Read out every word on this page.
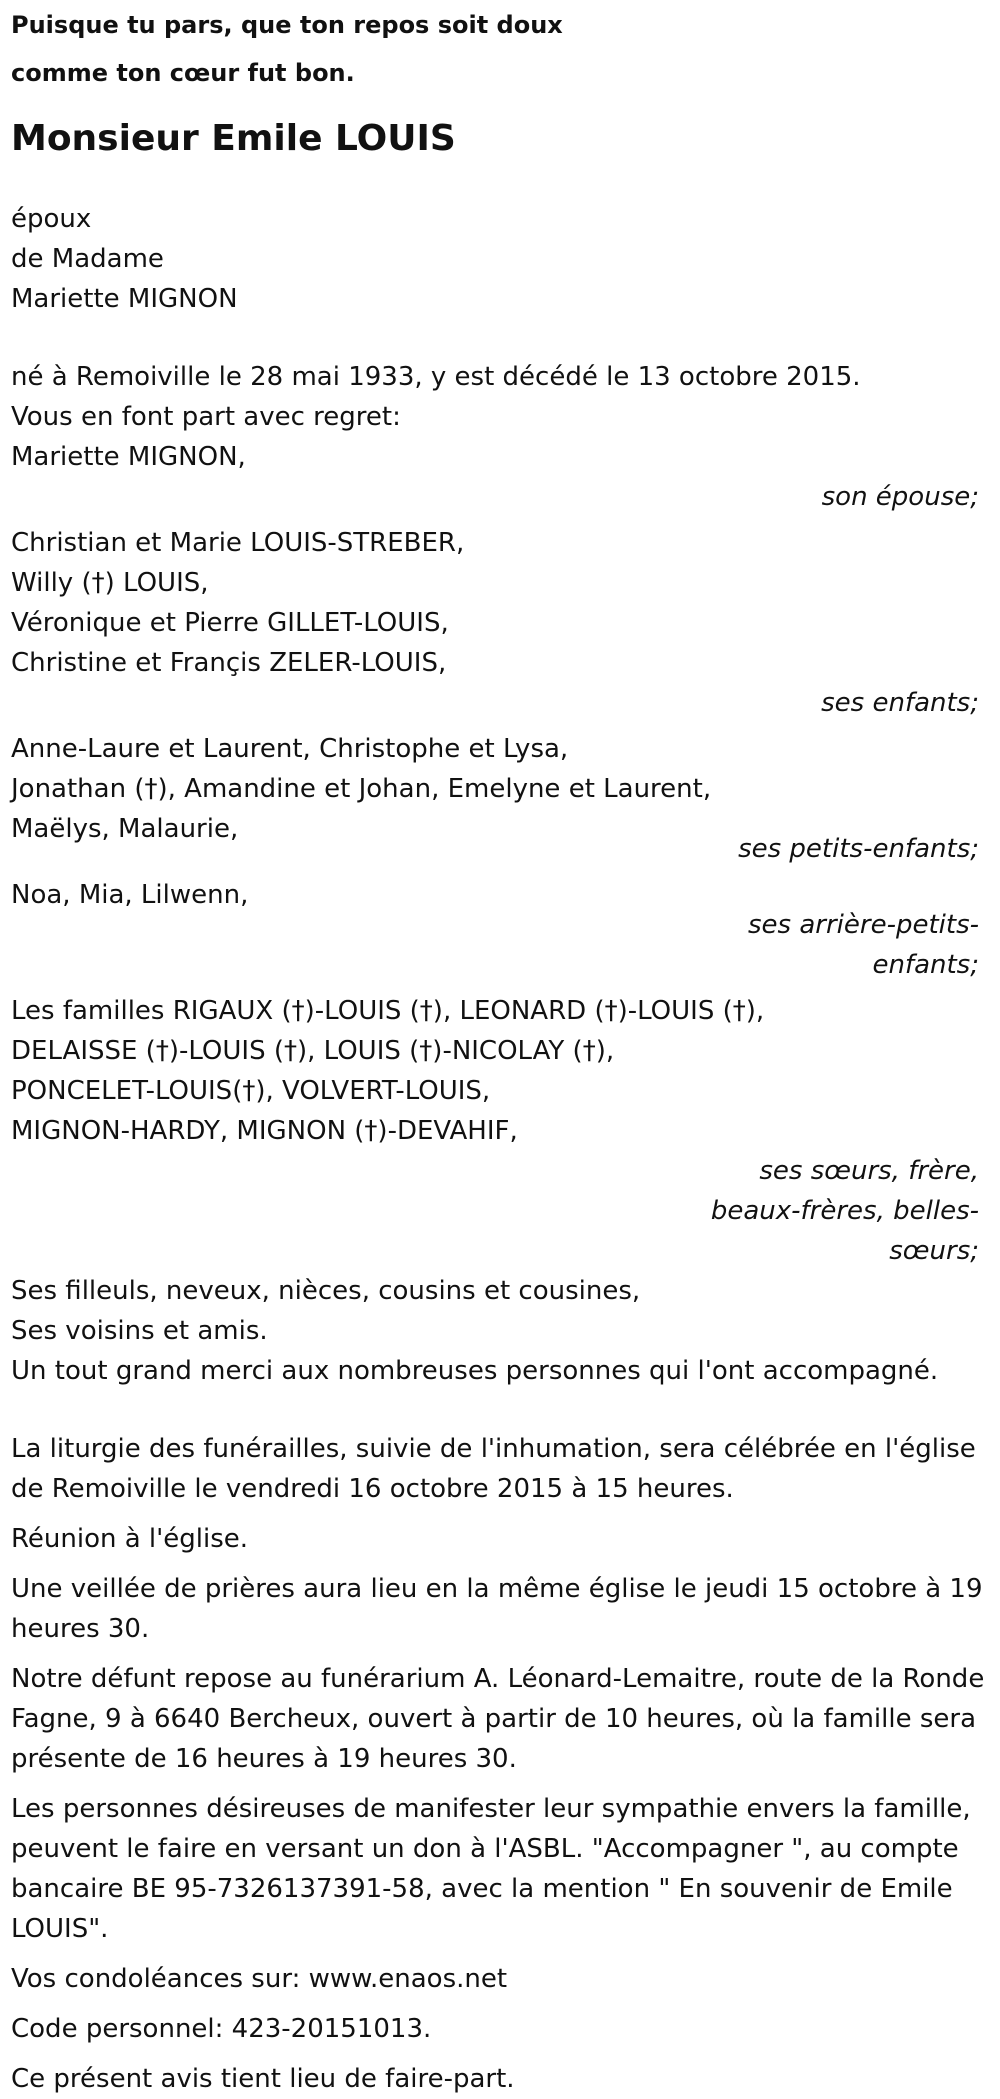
Puisque tu pars, que ton repos soit doux
comme ton cœur fut bon.
Monsieur Emile LOUIS
époux
de Madame
Mariette MIGNON
né à Remoiville le 28 mai 1933, y est décédé le 13 octobre 2015.
Vous en font part avec regret:
Mariette MIGNON,
son épouse;
Christian et Marie LOUIS-STREBER,
Willy (†) LOUIS,
Véronique et Pierre GILLET-LOUIS,
Christine et Françis ZELER-LOUIS,
ses enfants;
Anne-Laure et Laurent, Christophe et Lysa,
Jonathan (†), Amandine et Johan, Emelyne et Laurent,
Maëlys, Malaurie,
ses petits-enfants;
Noa, Mia, Lilwenn,
ses arrière-petits-enfants;
Les familles RIGAUX (†)-LOUIS (†), LEONARD (†)-LOUIS (†),
DELAISSE (†)-LOUIS (†), LOUIS (†)-NICOLAY (†),
PONCELET-LOUIS(†), VOLVERT-LOUIS,
MIGNON-HARDY, MIGNON (†)-DEVAHIF,
ses sœurs, frère, beaux-frères, belles-sœurs;
Ses filleuls, neveux, nièces, cousins et cousines,
Ses voisins et amis.
Un tout grand merci aux nombreuses personnes qui l'ont accompagné.
La liturgie des funérailles, suivie de l'inhumation, sera célébrée en l'église de Remoiville le vendredi 16 octobre 2015 à 15 heures.
Réunion à l'église.
Une veillée de prières aura lieu en la même église le jeudi 15 octobre à 19 heures 30.
Notre défunt repose au funérarium A. Léonard-Lemaitre, route de la Ronde Fagne, 9 à 6640 Bercheux, ouvert à partir de 10 heures, où la famille sera présente de 16 heures à 19 heures 30.
Les personnes désireuses de manifester leur sympathie envers la famille, peuvent le faire en versant un don à l'ASBL. "Accompagner ", au compte bancaire BE 95-7326137391-58, avec la mention " En souvenir de Emile LOUIS".
Vos condoléances sur: www.enaos.net
Code personnel: 423-20151013.
Ce présent avis tient lieu de faire-part.
